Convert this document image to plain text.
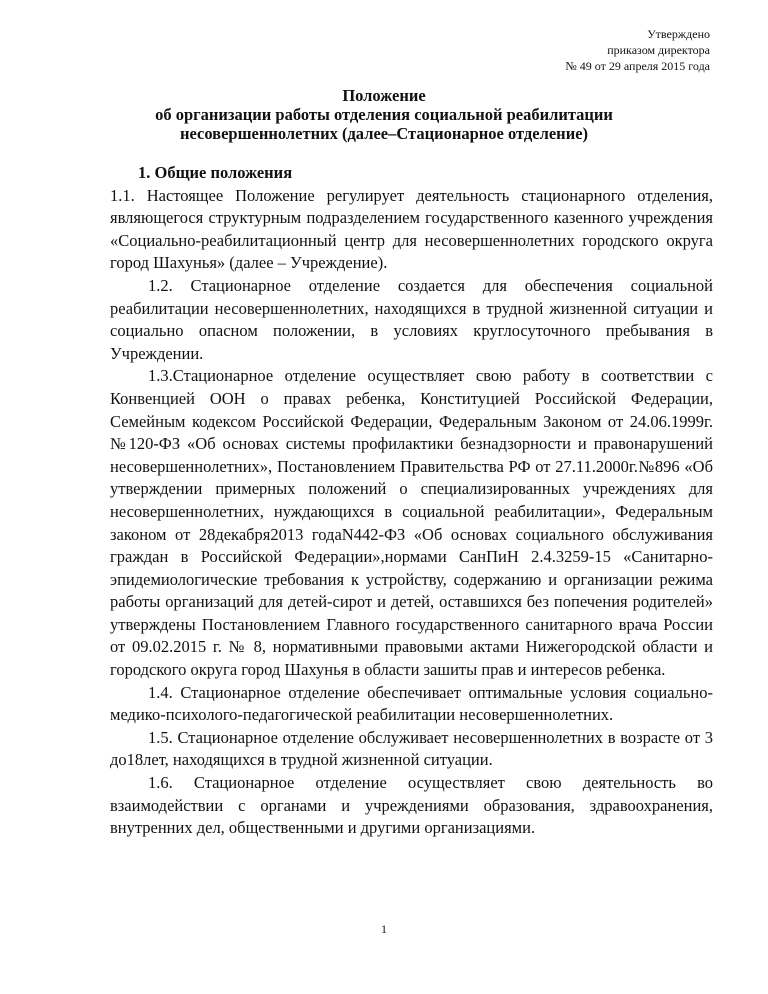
Утверждено
приказом директора
№ 49 от 29 апреля 2015 года
Положение
об организации работы отделения социальной реабилитации
несовершеннолетних (далее–Стационарное отделение)

1. Общие положения

1.1. Настоящее Положение регулирует деятельность стационарного отделения, являющегося структурным подразделением государственного казенного учреждения «Социально-реабилитационный центр для несовершеннолетних городского округа город Шахунья» (далее – Учреждение).

1.2. Стационарное отделение создается для обеспечения социальной реабилитации несовершеннолетних, находящихся в трудной жизненной ситуации и социально опасном положении, в условиях круглосуточного пребывания в Учреждении.

1.3.Стационарное отделение осуществляет свою работу в соответствии с Конвенцией ООН о правах ребенка, Конституцией Российской Федерации, Семейным кодексом Российской Федерации, Федеральным Законом от 24.06.1999г.№120-ФЗ «Об основах системы профилактики безнадзорности и правонарушений несовершеннолетних», Постановлением Правительства РФ от 27.11.2000г.№896 «Об утверждении примерных положений о специализированных учреждениях для несовершеннолетних, нуждающихся в социальной реабилитации», Федеральным законом от 28декабря2013 годаN442-ФЗ «Об основах социального обслуживания граждан в Российской Федерации»,нормами СанПиН 2.4.3259-15 «Санитарно-эпидемиологические требования к устройству, содержанию и организации режима работы организаций для детей-сирот и детей, оставшихся без попечения родителей» утверждены Постановлением Главного государственного санитарного врача России от 09.02.2015 г. № 8, нормативными правовыми актами Нижегородской области и городского округа город Шахунья в области зашиты прав и интересов ребенка.

1.4. Стационарное отделение обеспечивает оптимальные условия социально-медико-психолого-педагогической реабилитации несовершеннолетних.

1.5. Стационарное отделение обслуживает несовершеннолетних в возрасте от 3 до18лет, находящихся в трудной жизненной ситуации.

1.6. Стационарное отделение осуществляет свою деятельность во взаимодействии с органами и учреждениями образования, здравоохранения, внутренних дел, общественными и другими организациями.

1
